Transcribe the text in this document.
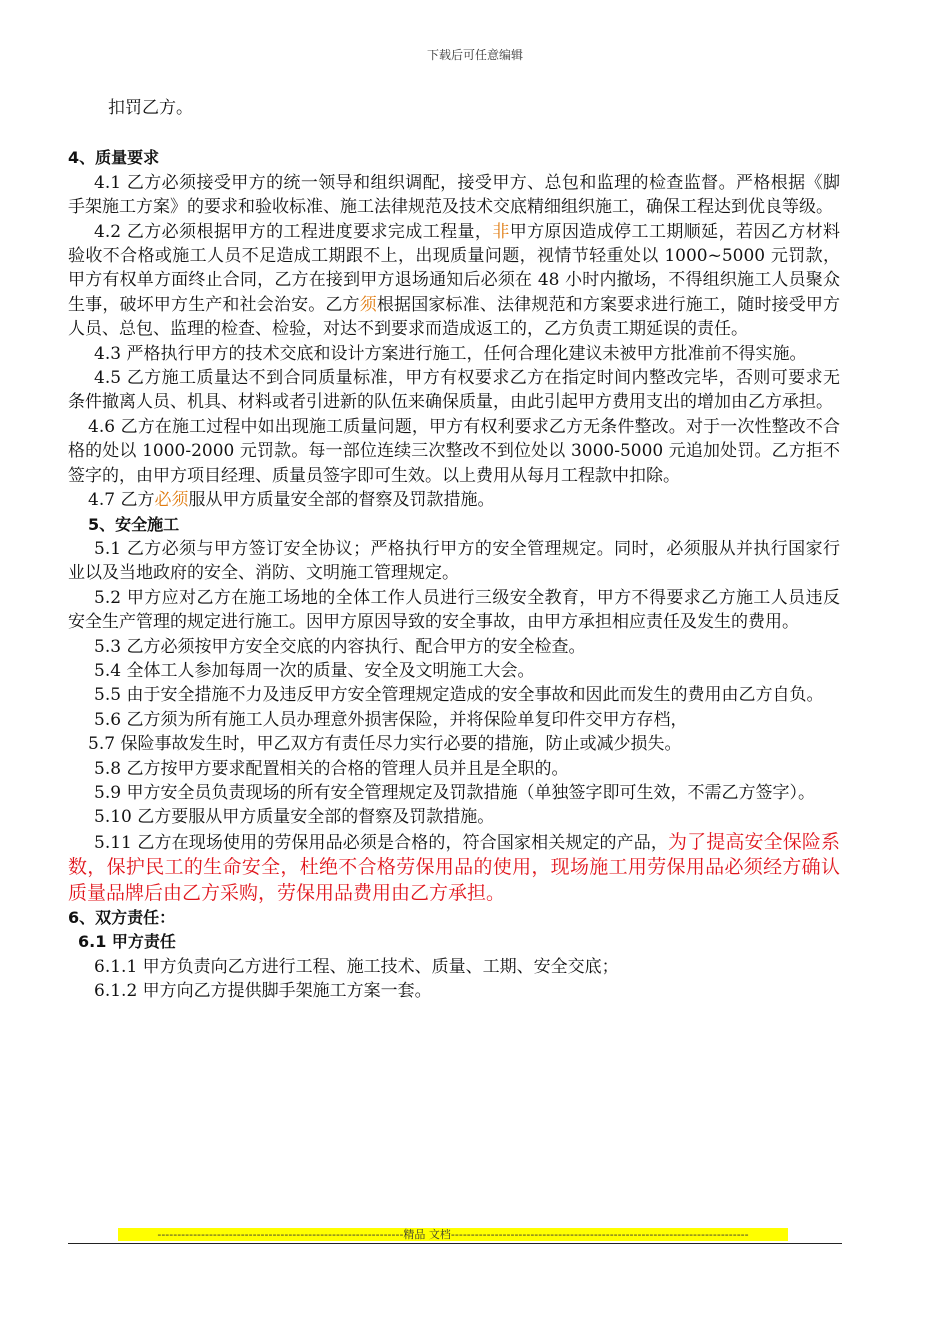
下载后可任意编辑

扣罚乙方。

4、质量要求

4.1 乙方必须接受甲方的统一领导和组织调配，接受甲方、总包和监理的检查监督。严格根据《脚手架施工方案》的要求和验收标准、施工法律规范及技术交底精细组织施工，确保工程达到优良等级。

4.2 乙方必须根据甲方的工程进度要求完成工程量，非甲方原因造成停工工期顺延，若因乙方材料验收不合格或施工人员不足造成工期跟不上，出现质量问题，视情节轻重处以 1000~5000 元罚款，甲方有权单方面终止合同，乙方在接到甲方退场通知后必须在 48 小时内撤场，不得组织施工人员聚众生事，破坏甲方生产和社会治安。乙方须根据国家标准、法律规范和方案要求进行施工，随时接受甲方人员、总包、监理的检查、检验，对达不到要求而造成返工的，乙方负责工期延误的责任。

4.3 严格执行甲方的技术交底和设计方案进行施工，任何合理化建议未被甲方批准前不得实施。

4.5 乙方施工质量达不到合同质量标准，甲方有权要求乙方在指定时间内整改完毕，否则可要求无条件撤离人员、机具、材料或者引进新的队伍来确保质量，由此引起甲方费用支出的增加由乙方承担。

4.6 乙方在施工过程中如出现施工质量问题，甲方有权利要求乙方无条件整改。对于一次性整改不合格的处以 1000-2000 元罚款。每一部位连续三次整改不到位处以 3000-5000 元追加处罚。乙方拒不签字的，由甲方项目经理、质量员签字即可生效。以上费用从每月工程款中扣除。

4.7 乙方必须服从甲方质量安全部的督察及罚款措施。

5、安全施工

5.1 乙方必须与甲方签订安全协议；严格执行甲方的安全管理规定。同时，必须服从并执行国家行业以及当地政府的安全、消防、文明施工管理规定。

5.2 甲方应对乙方在施工场地的全体工作人员进行三级安全教育，甲方不得要求乙方施工人员违反安全生产管理的规定进行施工。因甲方原因导致的安全事故，由甲方承担相应责任及发生的费用。

5.3 乙方必须按甲方安全交底的内容执行、配合甲方的安全检查。

5.4 全体工人参加每周一次的质量、安全及文明施工大会。

5.5 由于安全措施不力及违反甲方安全管理规定造成的安全事故和因此而发生的费用由乙方自负。

5.6 乙方须为所有施工人员办理意外损害保险，并将保险单复印件交甲方存档，

5.7 保险事故发生时，甲乙双方有责任尽力实行必要的措施，防止或减少损失。

5.8 乙方按甲方要求配置相关的合格的管理人员并且是全职的。

5.9 甲方安全员负责现场的所有安全管理规定及罚款措施（单独签字即可生效，不需乙方签字）。

5.10 乙方要服从甲方质量安全部的督察及罚款措施。

5.11 乙方在现场使用的劳保用品必须是合格的，符合国家相关规定的产品，为了提高安全保险系数，保护民工的生命安全，杜绝不合格劳保用品的使用，现场施工用劳保用品必须经方确认质量品牌后由乙方采购，劳保用品费用由乙方承担。

6、双方责任：

6.1 甲方责任

6.1.1 甲方负责向乙方进行工程、施工技术、质量、工期、安全交底；

6.1.2 甲方向乙方提供脚手架施工方案一套。

--------------------------------------------------------------精品 文档---------------------------------------------------------------------------
